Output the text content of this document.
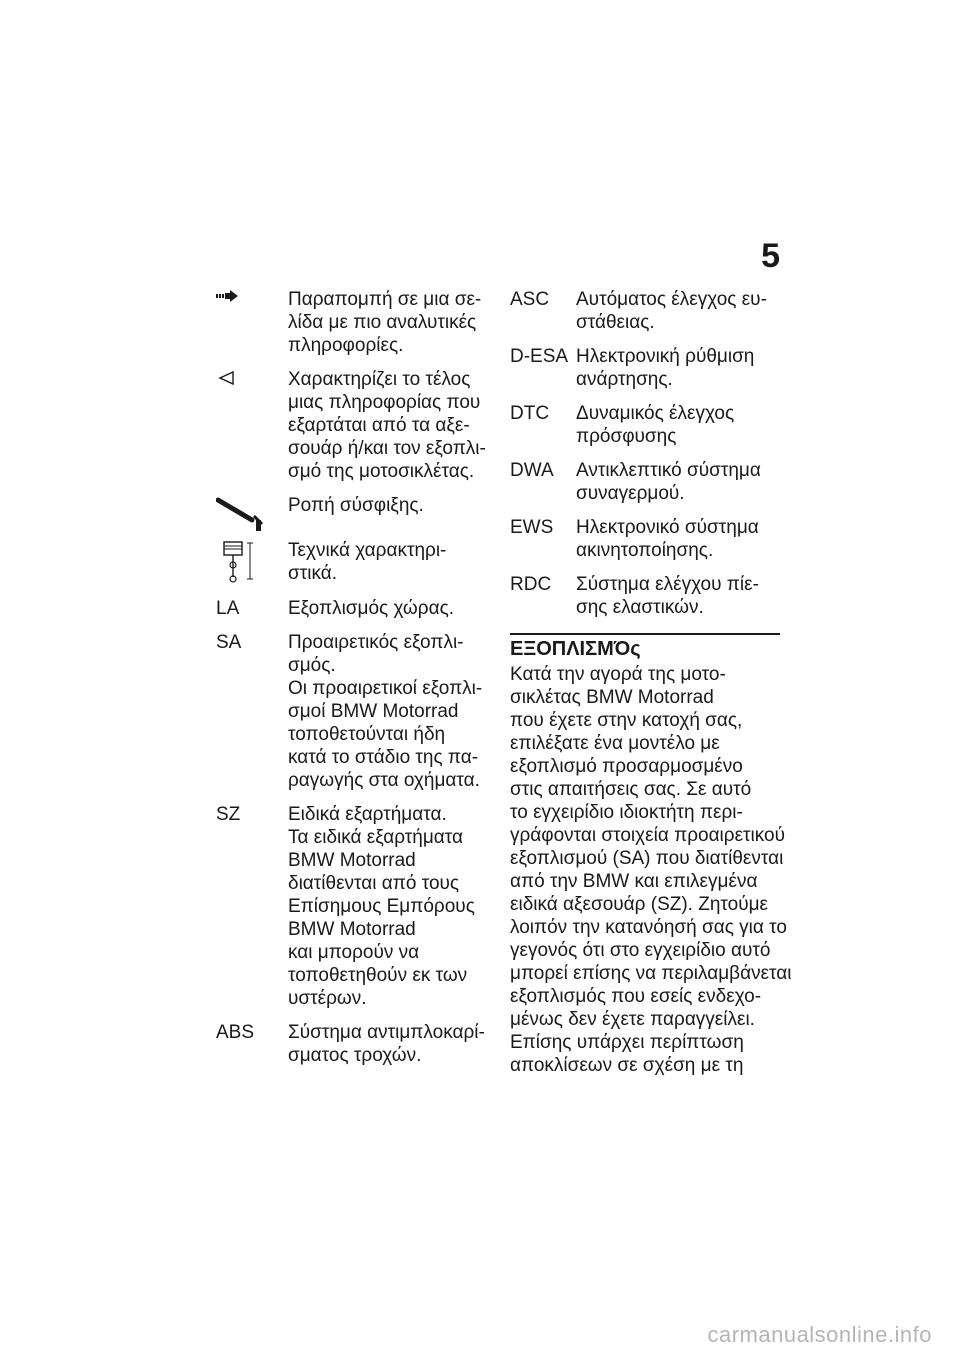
5
Παραπομπή σε μια σε-
λίδα με πιο αναλυτικές
πληροφορίες.
Χαρακτηρίζει το τέλος
μιας πληροφορίας που
εξαρτάται από τα αξε-
σουάρ ή/και τον εξοπλι-
σμό της μοτοσικλέτας.
Ροπή σύσφιξης.
Τεχνικά χαρακτηρι-
στικά.
LA	Εξοπλισμός χώρας.
SA	Προαιρετικός εξοπλι-
σμός.
Οι προαιρετικοί εξοπλι-
σμοί BMW Motorrad
τοποθετούνται ήδη
κατά το στάδιο της πα-
ραγωγής στα οχήματα.
SZ	Ειδικά εξαρτήματα.
Τα ειδικά εξαρτήματα
BMW Motorrad
διατίθενται από τους
Επίσημους Εμπόρους
BMW Motorrad
και μπορούν να
τοποθετηθούν εκ των
υστέρων.
ABS	Σύστημα αντιμπλοκαρί-
σματος τροχών.
ASC	Αυτόματος έλεγχος ευ-
στάθειας.
D-ESA Ηλεκτρονική ρύθμιση
ανάρτησης.
DTC	Δυναμικός έλεγχος
πρόσφυσης
DWA	Αντικλεπτικό σύστημα
συναγερμού.
EWS	Ηλεκτρονικό σύστημα
ακινητοποίησης.
RDC	Σύστημα ελέγχου πίε-
σης ελαστικών.
ΕΞΟΠΛΙΣΜΌς
Κατά την αγορά της μοτο-
σικλέτας BMW Motorrad
που έχετε στην κατοχή σας,
επιλέξατε ένα μοντέλο με
εξοπλισμό προσαρμοσμένο
στις απαιτήσεις σας. Σε αυτό
το εγχειρίδιο ιδιοκτήτη περι-
γράφονται στοιχεία προαιρετικού
εξοπλισμού (SA) που διατίθενται
από την BMW και επιλεγμένα
ειδικά αξεσουάρ (SZ). Ζητούμε
λοιπόν την κατανόησή σας για το
γεγονός ότι στο εγχειρίδιο αυτό
μπορεί επίσης να περιλαμβάνεται
εξοπλισμός που εσείς ενδεχο-
μένως δεν έχετε παραγγείλει.
Επίσης υπάρχει περίπτωση
αποκλίσεων σε σχέση με τη
carmanualsonline.info
